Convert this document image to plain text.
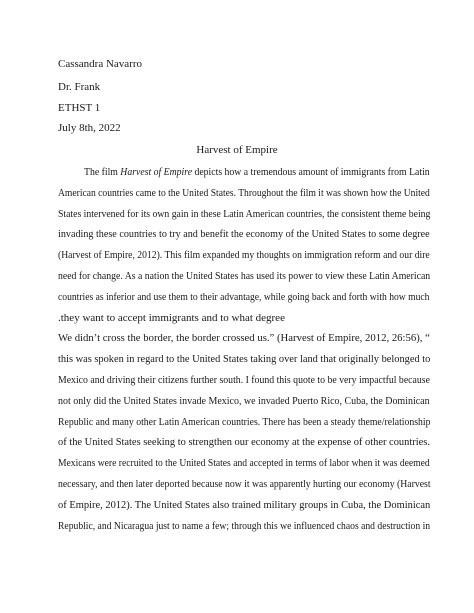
Cassandra Navarro
Dr. Frank
ETHST 1
July 8th, 2022
Harvest of Empire
The film Harvest of Empire depicts how a tremendous amount of immigrants from Latin
American countries came to the United States. Throughout the film it was shown how the United
States intervened for its own gain in these Latin American countries, the consistent theme being
invading these countries to try and benefit the economy of the United States to some degree
(Harvest of Empire, 2012). This film expanded my thoughts on immigration reform and our dire
need for change. As a nation the United States has used its power to view these Latin American
countries as inferior and use them to their advantage, while going back and forth with how much
.they want to accept immigrants and to what degree
We didn’t cross the border, the border crossed us.” (Harvest of Empire, 2012, 26:56), “
this was spoken in regard to the United States taking over land that originally belonged to
Mexico and driving their citizens further south. I found this quote to be very impactful because
not only did the United States invade Mexico, we invaded Puerto Rico, Cuba, the Dominican
Republic and many other Latin American countries. There has been a steady theme/relationship
of the United States seeking to strengthen our economy at the expense of other countries.
Mexicans were recruited to the United States and accepted in terms of labor when it was deemed
necessary, and then later deported because now it was apparently hurting our economy (Harvest
of Empire, 2012). The United States also trained military groups in Cuba, the Dominican
Republic, and Nicaragua just to name a few; through this we influenced chaos and destruction in
